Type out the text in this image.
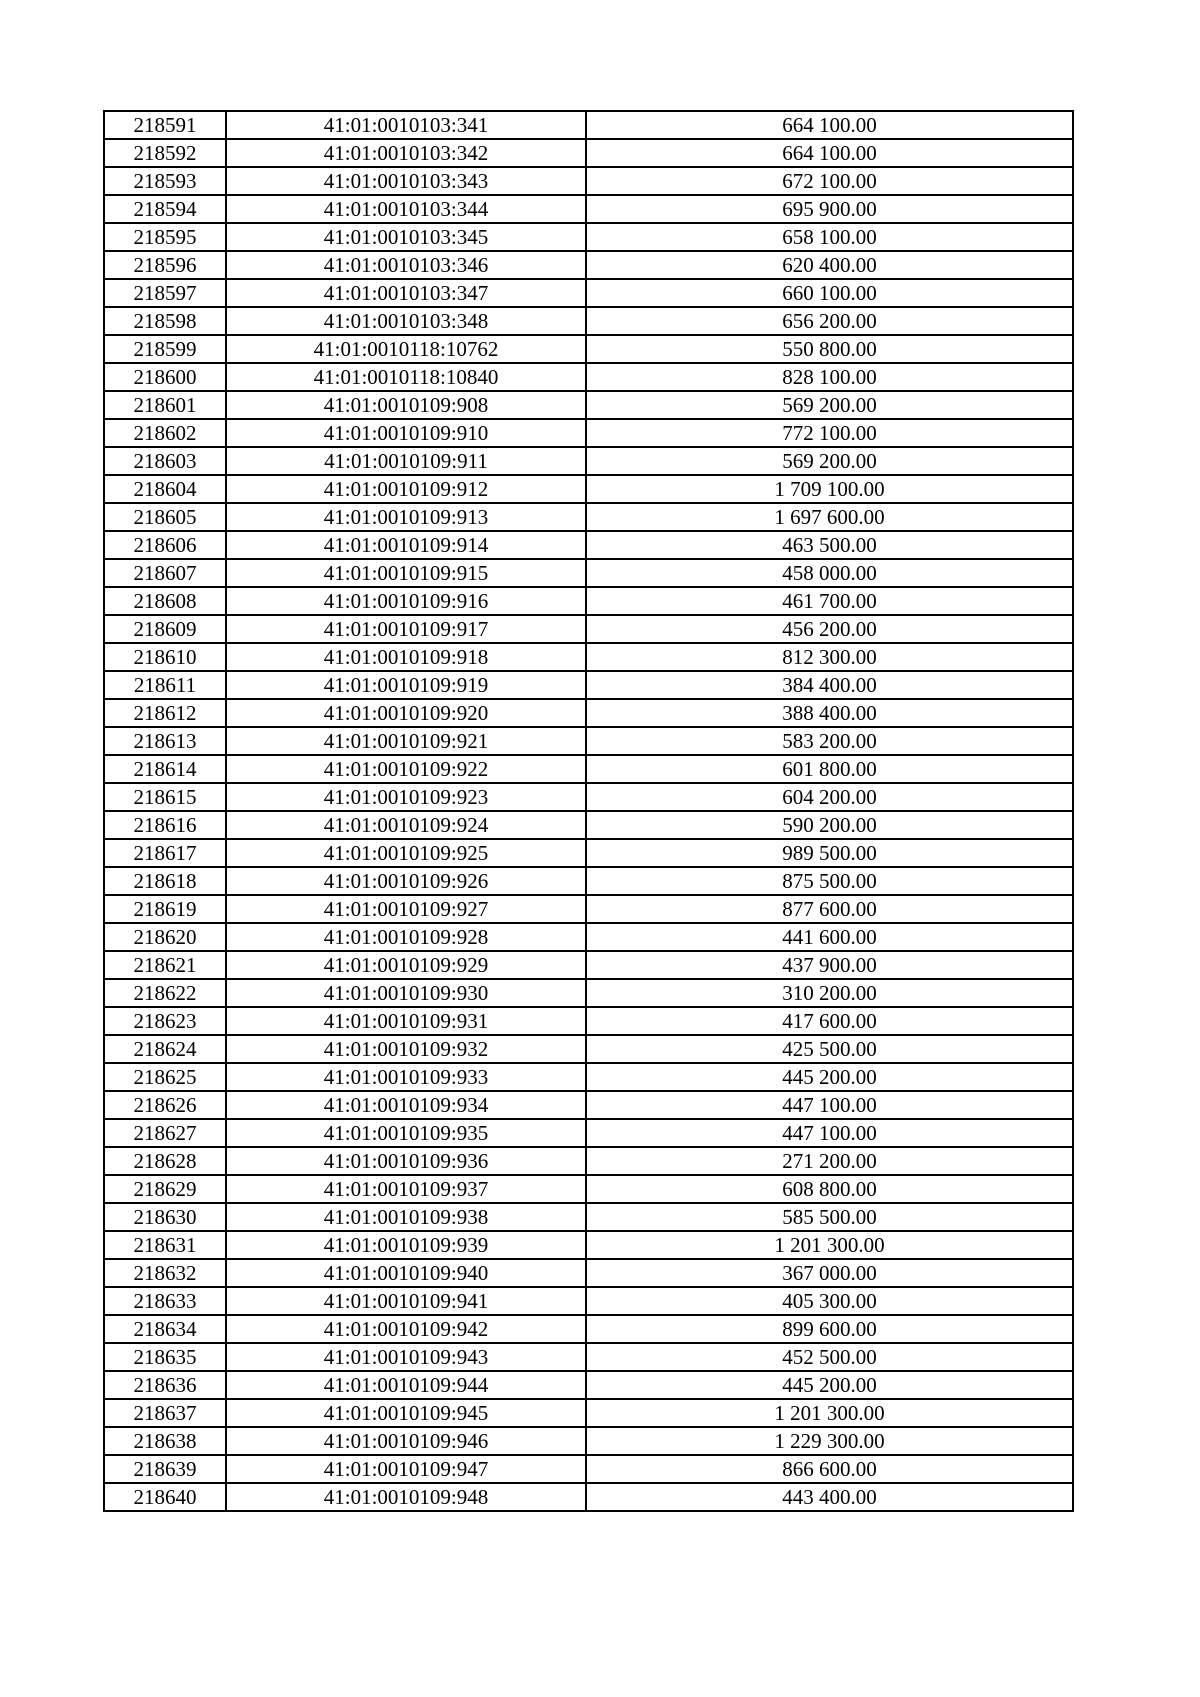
218591	41:01:0010103:341	664 100.00
218592	41:01:0010103:342	664 100.00
218593	41:01:0010103:343	672 100.00
218594	41:01:0010103:344	695 900.00
218595	41:01:0010103:345	658 100.00
218596	41:01:0010103:346	620 400.00
218597	41:01:0010103:347	660 100.00
218598	41:01:0010103:348	656 200.00
218599	41:01:0010118:10762	550 800.00
218600	41:01:0010118:10840	828 100.00
218601	41:01:0010109:908	569 200.00
218602	41:01:0010109:910	772 100.00
218603	41:01:0010109:911	569 200.00
218604	41:01:0010109:912	1 709 100.00
218605	41:01:0010109:913	1 697 600.00
218606	41:01:0010109:914	463 500.00
218607	41:01:0010109:915	458 000.00
218608	41:01:0010109:916	461 700.00
218609	41:01:0010109:917	456 200.00
218610	41:01:0010109:918	812 300.00
218611	41:01:0010109:919	384 400.00
218612	41:01:0010109:920	388 400.00
218613	41:01:0010109:921	583 200.00
218614	41:01:0010109:922	601 800.00
218615	41:01:0010109:923	604 200.00
218616	41:01:0010109:924	590 200.00
218617	41:01:0010109:925	989 500.00
218618	41:01:0010109:926	875 500.00
218619	41:01:0010109:927	877 600.00
218620	41:01:0010109:928	441 600.00
218621	41:01:0010109:929	437 900.00
218622	41:01:0010109:930	310 200.00
218623	41:01:0010109:931	417 600.00
218624	41:01:0010109:932	425 500.00
218625	41:01:0010109:933	445 200.00
218626	41:01:0010109:934	447 100.00
218627	41:01:0010109:935	447 100.00
218628	41:01:0010109:936	271 200.00
218629	41:01:0010109:937	608 800.00
218630	41:01:0010109:938	585 500.00
218631	41:01:0010109:939	1 201 300.00
218632	41:01:0010109:940	367 000.00
218633	41:01:0010109:941	405 300.00
218634	41:01:0010109:942	899 600.00
218635	41:01:0010109:943	452 500.00
218636	41:01:0010109:944	445 200.00
218637	41:01:0010109:945	1 201 300.00
218638	41:01:0010109:946	1 229 300.00
218639	41:01:0010109:947	866 600.00
218640	41:01:0010109:948	443 400.00
